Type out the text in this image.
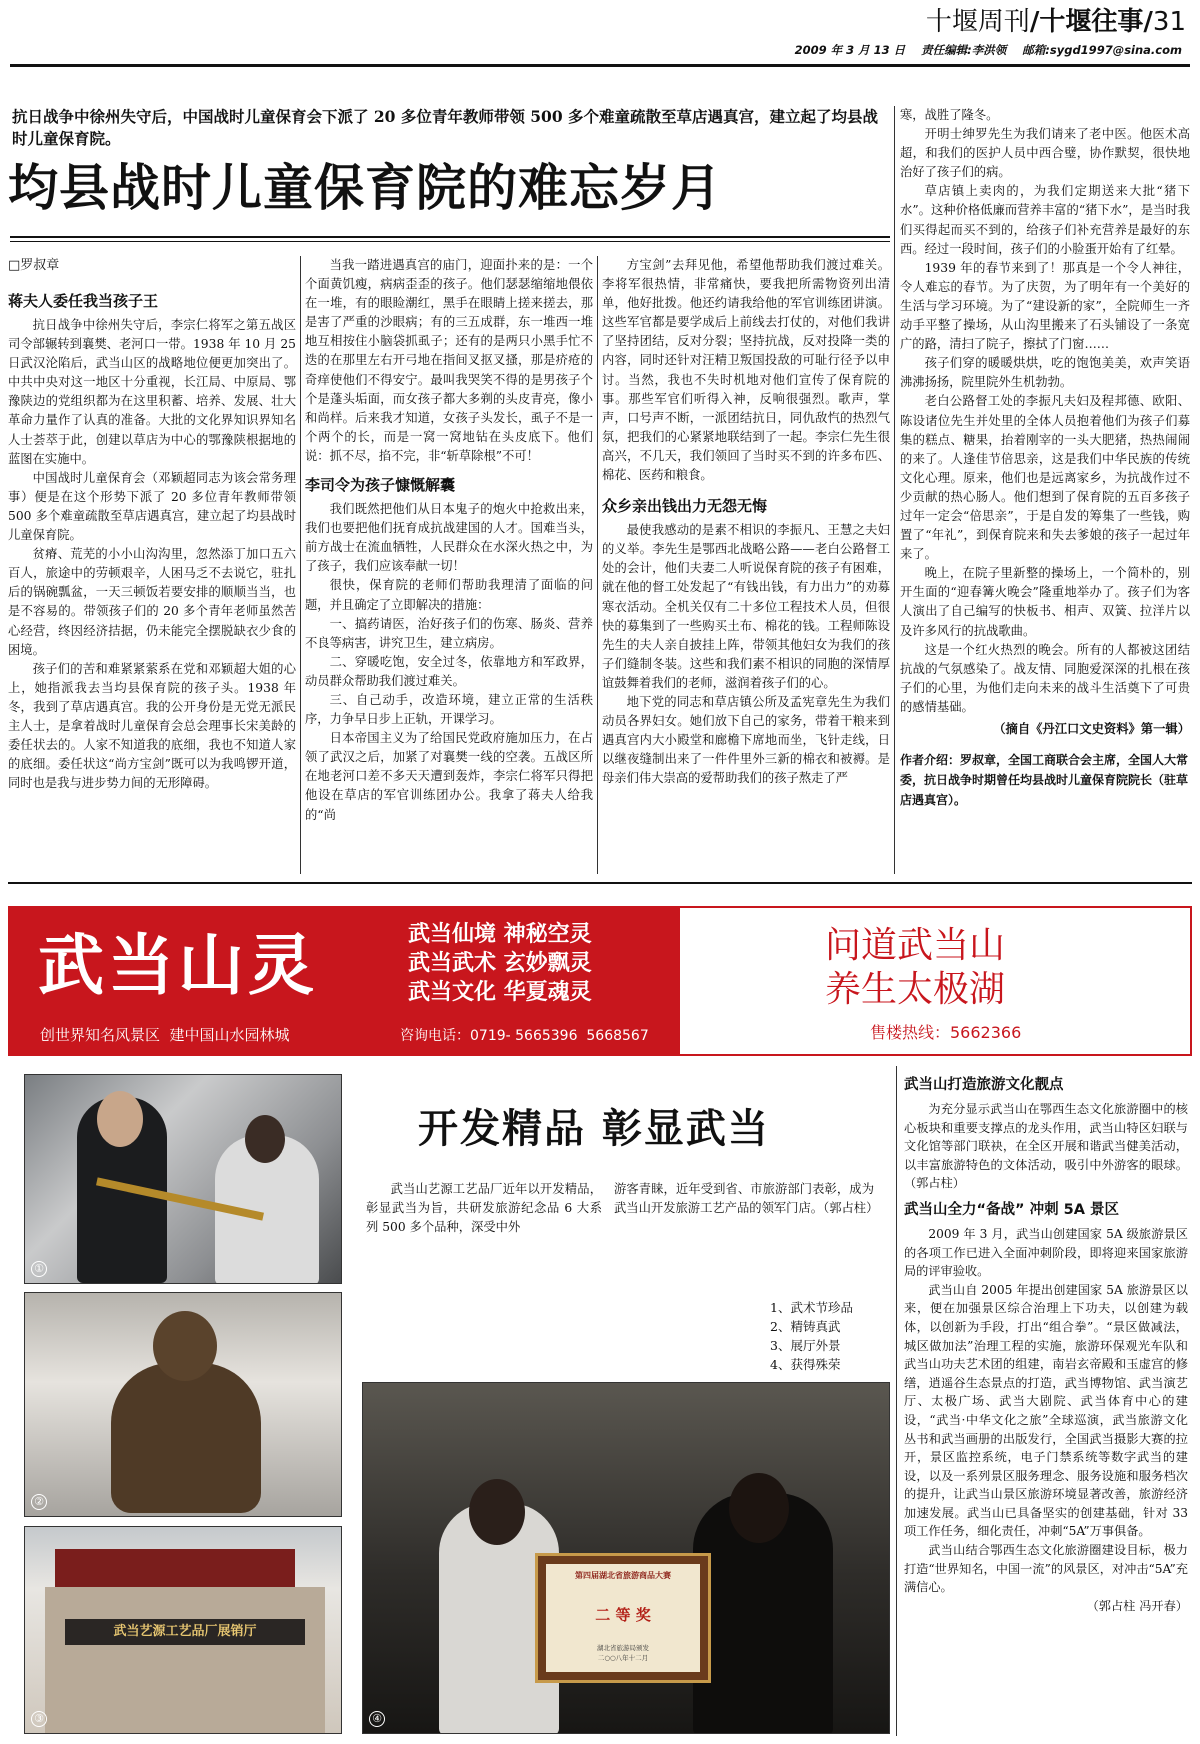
十堰周刊/十堰往事/31
2009 年 3 月 13 日 责任编辑:李洪领 邮箱:sygd1997@sina.com
抗日战争中徐州失守后，中国战时儿童保育会下派了 20 多位青年教师带领 500 多个难童疏散至草店遇真宫，建立起了均县战时儿童保育院。
均县战时儿童保育院的难忘岁月
□罗叔章
蒋夫人委任我当孩子王

抗日战争中徐州失守后，李宗仁将军之第五战区司令部辗转到襄樊、老河口一带。1938 年 10 月 25 日武汉沦陷后，武当山区的战略地位便更加突出了。中共中央对这一地区十分重视，长江局、中原局、鄂豫陕边的党组织都为在这里积蓄、培养、发展、壮大革命力量作了认真的准备。大批的文化界知识界知名人士荟萃于此，创建以草店为中心的鄂豫陕根据地的蓝图在实施中。

中国战时儿童保育会（邓颖超同志为该会常务理事）便是在这个形势下派了 20 多位青年教师带领 500 多个难童疏散至草店遇真宫，建立起了均县战时儿童保育院。

贫瘠、荒芜的小小山沟沟里，忽然添丁加口五六百人，旅途中的劳顿艰辛，人困马乏不去说它，驻扎后的锅碗瓢盆，一天三顿饭若要安排的顺顺当当，也是不容易的。带领孩子们的 20 多个青年老师虽然苦心经营，终因经济拮据，仍未能完全摆脱缺衣少食的困境。

孩子们的苦和难紧紧萦系在党和邓颖超大姐的心上，她指派我去当均县保育院的孩子头。1938 年冬，我到了草店遇真宫。我的公开身份是无党无派民主人士，是拿着战时儿童保育会总会理事长宋美龄的委任状去的。人家不知道我的底细，我也不知道人家的底细。委任状这“尚方宝剑”既可以为我鸣锣开道，同时也是我与进步势力间的无形障碍。

当我一踏进遇真宫的庙门，迎面扑来的是：一个个面黄饥瘦，病病歪歪的孩子。他们瑟瑟缩缩地偎依在一堆，有的眼睑潮红，黑手在眼睛上搓来搓去，那是害了严重的沙眼病；有的三五成群，东一堆西一堆地互相按住小脑袋抓虱子；还有的是两只小黑手忙不迭的在那里左右开弓地在指间叉抠叉搔，那是疥疮的奇痒使他们不得安宁。最叫我哭笑不得的是男孩子个个是蓬头垢面，而女孩子都大多剃的头皮青亮，像小和尚样。后来我才知道，女孩子头发长，虱子不是一个两个的长，而是一窝一窝地钻在头皮底下。他们说：抓不尽，掐不完，非“斩草除根”不可！

李司令为孩子慷慨解囊

我们既然把他们从日本鬼子的炮火中抢救出来，我们也要把他们抚育成抗战建国的人才。国难当头，前方战士在流血牺牲，人民群众在水深火热之中，为了孩子，我们应该奉献一切！

很快，保育院的老师们帮助我理清了面临的问题，并且确定了立即解决的措施：

一、搞药请医，治好孩子们的伤寒、肠炎、营养不良等病害，讲究卫生，建立病房。

二、穿暖吃饱，安全过冬，依靠地方和军政界，动员群众帮助我们渡过难关。

三、自己动手，改造环境，建立正常的生活秩序，力争早日步上正轨，开课学习。

日本帝国主义为了给国民党政府施加压力，在占领了武汉之后，加紧了对襄樊一线的空袭。五战区所在地老河口差不多天天遭到轰炸，李宗仁将军只得把他设在草店的军官训练团办公。我拿了蒋夫人给我的“尚

方宝剑”去拜见他，希望他帮助我们渡过难关。李将军很热情，非常痛快，要我把所需物资列出清单，他好批拨。他还约请我给他的军官训练团讲演。这些军官都是要学成后上前线去打仗的，对他们我讲了坚持团结，反对分裂；坚持抗战，反对投降一类的内容，同时还针对汪精卫叛国投敌的可耻行径予以申讨。当然，我也不失时机地对他们宣传了保育院的事。那些军官们听得入神，反响很强烈。歌声，掌声，口号声不断，一派团结抗日，同仇敌忾的热烈气氛，把我们的心紧紧地联结到了一起。李宗仁先生很高兴，不几天，我们领回了当时买不到的许多布匹、棉花、医药和粮食。

众乡亲出钱出力无怨无悔

最使我感动的是素不相识的李振凡、王慧之夫妇的义举。李先生是鄂西北战略公路——老白公路督工处的会计，他们夫妻二人听说保育院的孩子有困难，就在他的督工处发起了“有钱出钱，有力出力”的劝募寒衣活动。全机关仅有二十多位工程技术人员，但很快的募集到了一些购买土布、棉花的钱。工程师陈设先生的夫人亲自披挂上阵，带领其他妇女为我们的孩子们缝制冬装。这些和我们素不相识的同胞的深情厚谊鼓舞着我们的老师，滋润着孩子们的心。

地下党的同志和草店镇公所及孟宪章先生为我们动员各界妇女。她们放下自己的家务，带着干粮来到遇真宫内大小殿堂和廊檐下席地而坐，飞针走线，日以继夜缝制出来了一件件里外三新的棉衣和被褥。是母亲们伟大崇高的爱帮助我们的孩子熬走了严

寒，战胜了隆冬。

开明士绅罗先生为我们请来了老中医。他医术高超，和我们的医护人员中西合璧，协作默契，很快地治好了孩子们的病。

草店镇上卖肉的，为我们定期送来大批“猪下水”。这种价格低廉而营养丰富的“猪下水”，是当时我们买得起而买不到的，给孩子们补充营养是最好的东西。经过一段时间，孩子们的小脸蛋开始有了红晕。

1939 年的春节来到了！那真是一个令人神往，令人难忘的春节。为了庆贺，为了明年有一个美好的生活与学习环境。为了“建设新的家”，全院师生一齐动手平整了操场，从山沟里搬来了石头铺设了一条宽广的路，清扫了院子，擦拭了门窗……

孩子们穿的暖暖烘烘，吃的饱饱美美，欢声笑语沸沸扬扬，院里院外生机勃勃。

老白公路督工处的李振凡夫妇及程邦德、欧阳、陈设诸位先生并处里的全体人员抱着他们为孩子们募集的糕点、糖果，抬着刚宰的一头大肥猪，热热闹闹的来了。人逢佳节倍思亲，这是我们中华民族的传统文化心理。原来，他们也是远离家乡，为抗战作过不少贡献的热心肠人。他们想到了保育院的五百多孩子过年一定会“倍思亲”，于是自发的筹集了一些钱，购置了“年礼”，到保育院来和失去爹娘的孩子一起过年来了。

晚上，在院子里新整的操场上，一个简朴的，别开生面的“迎春篝火晚会”隆重地举办了。孩子们为客人演出了自己编写的快板书、相声、双簧、拉洋片以及许多风行的抗战歌曲。

这是一个红火热烈的晚会。所有的人都被这团结抗战的气氛感染了。战友情、同胞爱深深的扎根在孩子们的心里，为他们走向未来的战斗生活奠下了可贵的感情基础。

（摘自《丹江口文史资料》第一辑）
作者介绍：罗叔章，全国工商联合会主席，全国人大常委，抗日战争时期曾任均县战时儿童保育院院长（驻草店遇真宫）。
武当山灵	武当仙境 神秘空灵
武当武术 玄妙飘灵
武当文化 华夏魂灵
创世界知名风景区  建中国山水园林城	咨询电话：0719- 5665396  5668567
问道武当山
养生太极湖
售楼热线：5662366
①
②
武当艺源工艺品厂展销厅
③
开发精品 彰显武当
武当山艺源工艺品厂近年以开发精品，彰显武当为旨，共研发旅游纪念品 6 大系列 500 多个品种，深受中外
游客青睐，近年受到省、市旅游部门表彰，成为武当山开发旅游工艺产品的领军门店。（郭占柱）
1、武术节珍品
2、精铸真武
3、展厅外景
4、获得殊荣
第四届湖北省旅游商品大赛
二 等 奖
湖北省旅游局颁发
二○○八年十二月
④
武当山打造旅游文化靓点

为充分显示武当山在鄂西生态文化旅游圈中的核心板块和重要支撑点的龙头作用，武当山特区妇联与文化馆等部门联袂，在全区开展和谐武当健美活动，以丰富旅游特色的文体活动，吸引中外游客的眼球。（郭占柱）

武当山全力“备战” 冲刺 5A 景区

2009 年 3 月，武当山创建国家 5A 级旅游景区的各项工作已进入全面冲刺阶段，即将迎来国家旅游局的评审验收。

武当山自 2005 年提出创建国家 5A 旅游景区以来，便在加强景区综合治理上下功夫，以创建为载体，以创新为手段，打出“组合拳”。“景区做减法，城区做加法”治理工程的实施，旅游环保观光车队和武当山功夫艺术团的组建，南岩玄帝殿和玉虚宫的修缮，逍遥谷生态景点的打造，武当博物馆、武当演艺厅、太极广场、武当大剧院、武当体育中心的建设，“武当·中华文化之旅”全球巡演，武当旅游文化丛书和武当画册的出版发行，全国武当摄影大赛的拉开，景区监控系统，电子门禁系统等数字武当的建设，以及一系列景区服务理念、服务设施和服务档次的提升，让武当山景区旅游环境显著改善，旅游经济加速发展。武当山已具备坚实的创建基础，针对 33 项工作任务，细化责任，冲刺“5A”万事俱备。

武当山结合鄂西生态文化旅游圈建设目标，极力打造“世界知名，中国一流”的风景区，对冲击“5A”充满信心。

（郭占柱 冯开春）
